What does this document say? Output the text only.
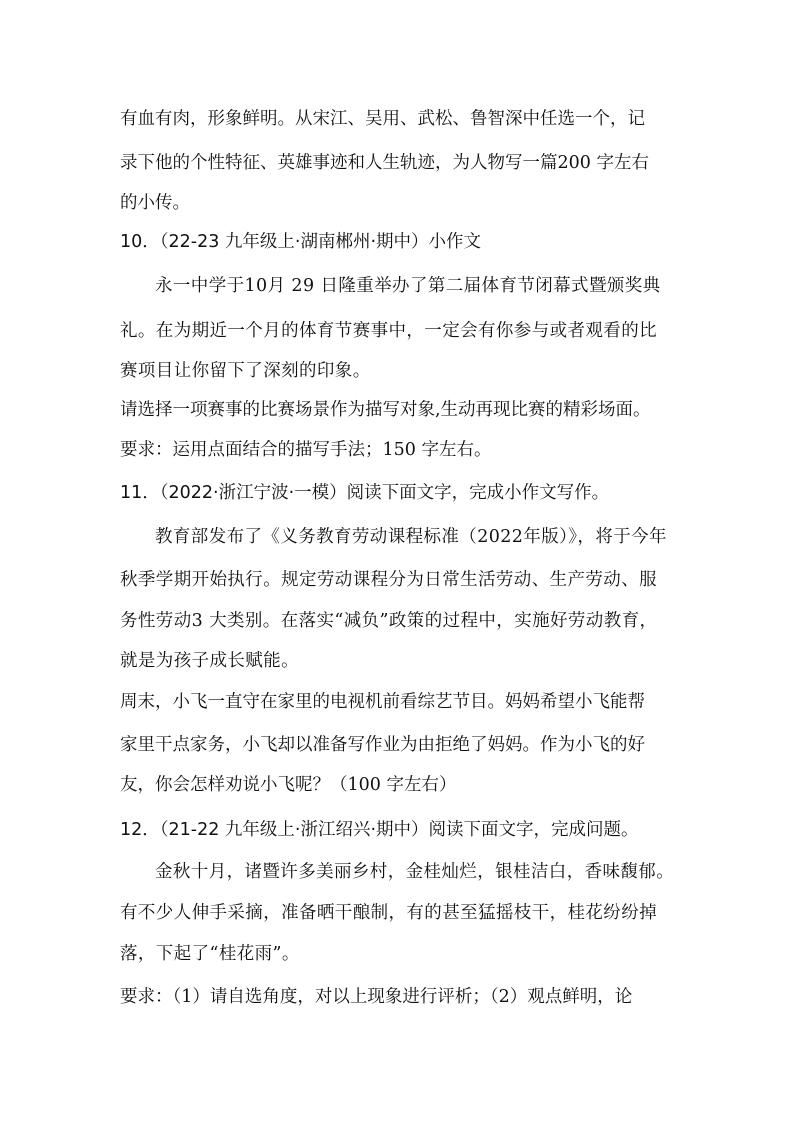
有血有肉，形象鲜明。从宋江、吴用、武松、鲁智深中任选一个，记
录下他的个性特征、英雄事迹和人生轨迹，为人物写一篇200 字左右
的小传。
10．（22-23 九年级上·湖南郴州·期中）小作文
永一中学于10月 29 日隆重举办了第二届体育节闭幕式暨颁奖典
礼。在为期近一个月的体育节赛事中，一定会有你参与或者观看的比
赛项目让你留下了深刻的印象。
请选择一项赛事的比赛场景作为描写对象,生动再现比赛的精彩场面。
要求：运用点面结合的描写手法；150 字左右。
11．（2022·浙江宁波·一模）阅读下面文字，完成小作文写作。
教育部发布了《义务教育劳动课程标准（2022年版）》，将于今年
秋季学期开始执行。规定劳动课程分为日常生活劳动、生产劳动、服
务性劳动3 大类别。在落实“减负”政策的过程中，实施好劳动教育，
就是为孩子成长赋能。
周末，小飞一直守在家里的电视机前看综艺节目。妈妈希望小飞能帮
家里干点家务，小飞却以准备写作业为由拒绝了妈妈。作为小飞的好
友，你会怎样劝说小飞呢？（100 字左右）
12．（21-22 九年级上·浙江绍兴·期中）阅读下面文字，完成问题。
金秋十月，诸暨许多美丽乡村，金桂灿烂，银桂洁白，香味馥郁。
有不少人伸手采摘，准备晒干酿制，有的甚至猛摇枝干，桂花纷纷掉
落，下起了“桂花雨”。
要求：（1）请自选角度，对以上现象进行评析；（2）观点鲜明，论
